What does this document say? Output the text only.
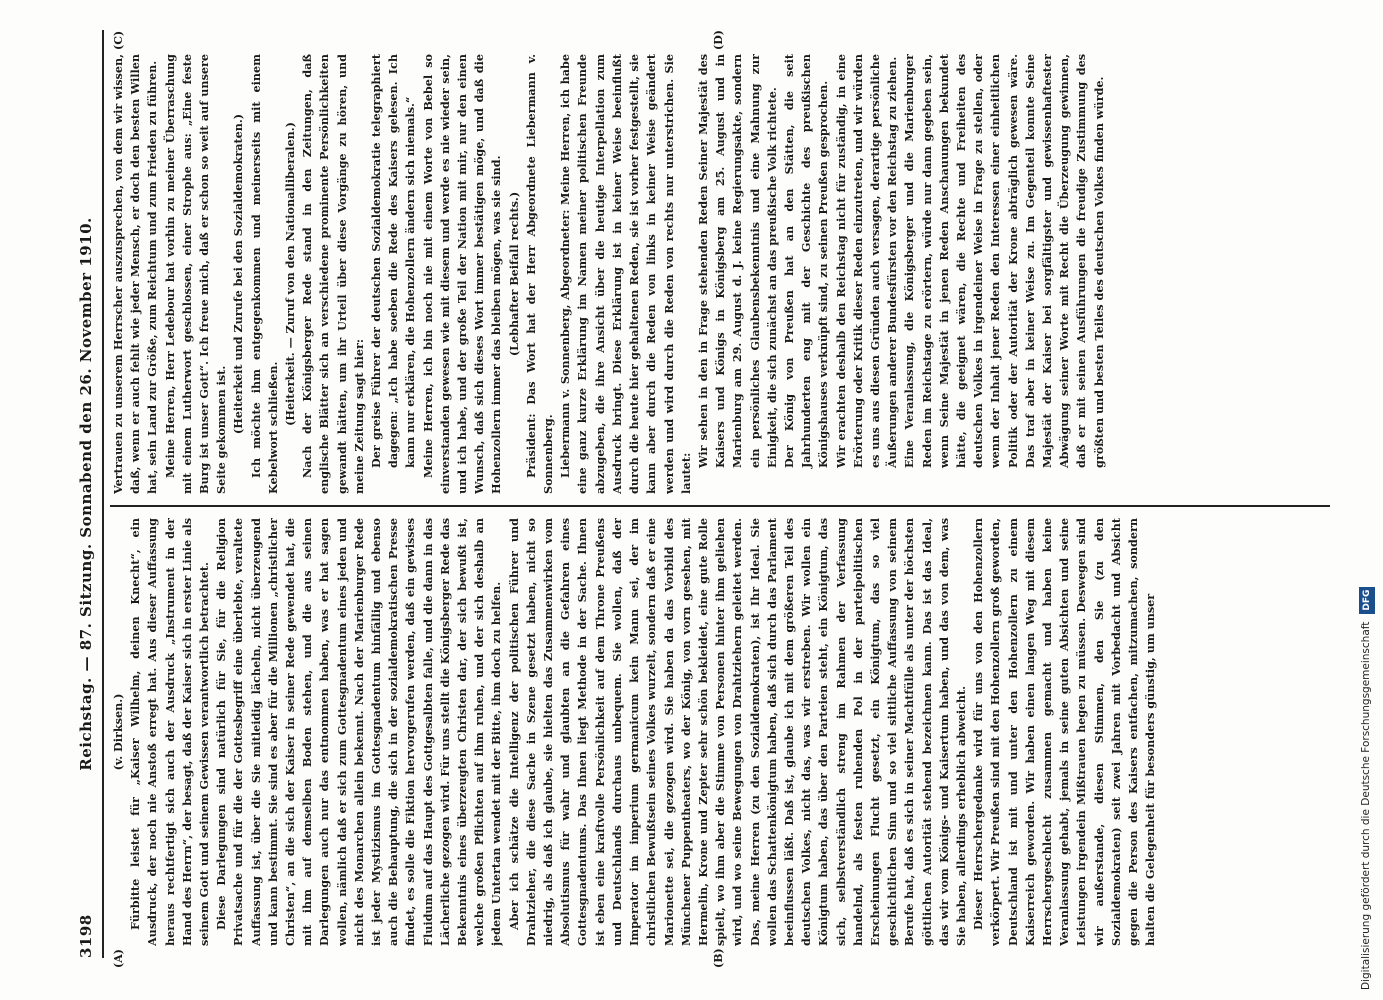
3198
Reichstag. — 87. Sitzung. Sonnabend den 26. November 1910.
(A)	(B)
(C)	(D)

(v. Dirksen.) Fürbitte leistet für „Kaiser Wilhelm, deinen Knecht“, ein Ausdruck, der noch nie Anstoß erregt hat. Aus dieser Auffassung heraus rechtfertigt sich auch der Ausdruck „Instrument in der Hand des Herrn“, der besagt, daß der Kaiser sich in erster Linie als seinem Gott und seinem Gewissen verantwortlich betrachtet. Diese Darlegungen sind natürlich für Sie, für die Religion Privatsache und für die der Gottesbegriff eine überlebte, veraltete Auffassung ist, über die Sie mitleidig lächeln, nicht überzeugend und kann bestimmt. Sie sind es aber für die Millionen „christlicher Christen“, an die sich der Kaiser in seiner Rede gewendet hat, die mit ihm auf demselben Boden stehen, und die aus seinen Darlegungen auch nur das entnommen haben, was er hat sagen wollen, nämlich daß er sich zum Gottesgnadentum eines jeden und nicht des Monarchen allein bekennt. Nach der Marienburger Rede ist jeder Mystizismus im Gottesgnadentum hinfällig und ebenso auch die Behauptung, die sich in der sozialdemokratischen Presse findet, es solle die Fiktion hervorgerufen werden, daß ein gewisses Fluidum auf das Haupt des Gottgesalbten falle, und die dann in das Lächerliche gezogen wird. Für uns stellt die Königsberger Rede das Bekenntnis eines überzeugten Christen dar, der sich bewußt ist, welche großen Pflichten auf ihm ruhen, und der sich deshalb an jedem Untertan wendet mit der Bitte, ihm doch zu helfen. Aber ich schätze die Intelligenz der politischen Führer und Drahtzieher, die diese Sache in Szene gesetzt haben, nicht so niedrig, als daß ich glaube, sie hielten das Zusammenwirken vom Absolutismus für wahr und glaubten an die Gefahren eines Gottesgnadentums. Das Ihnen liegt Methode in der Sache. Ihnen ist eben eine kraftvolle Persönlichkeit auf dem Throne Preußens und Deutschlands durchaus unbequem. Sie wollen, daß der Imperator im imperium germanicum kein Mann sei, der im christlichen Bewußtsein seines Volkes wurzelt, sondern daß er eine Marionette sei, die gezogen wird. Sie haben da das Vorbild des Münchener Puppentheaters, wo der König, von vorn gesehen, mit Hermelin, Krone und Zepter sehr schön bekleidet, eine gute Rolle spielt, wo ihm aber die Stimme von Personen hinter ihm geliehen wird, und wo seine Bewegungen von Drahtziehern geleitet werden. Das, meine Herren (zu den Sozialdemokraten), ist Ihr Ideal. Sie wollen das Schattenkönigtum haben, daß sich durch das Parlament beeinflussen läßt. Daß ist, glaube ich mit dem größeren Teil des deutschen Volkes, nicht das, was wir erstreben. Wir wollen ein Königtum haben, das über den Parteien steht, ein Königtum, das sich, selbstverständlich streng im Rahmen der Verfassung handelnd, als festen ruhenden Pol in der parteipolitischen Erscheinungen Flucht gesetzt, ein Königtum, das so viel geschichtlichen Sinn und so viel sittliche Auffassung von seinem Berufe hat, daß es sich in seiner Machtfülle als unter der höchsten göttlichen Autorität stehend bezeichnen kann. Das ist das Ideal, das wir vom Königs- und Kaisertum haben, und das von dem, was Sie haben, allerdings erheblich abweicht. Dieser Herrschergedanke wird für uns von den Hohenzollern verkörpert. Wir Preußen sind mit den Hohenzollern groß geworden, Deutschland ist mit und unter den Hohenzollern zu einem Kaiserreich geworden. Wir haben einen langen Weg mit diesem Herrschergeschlecht zusammen gemacht und haben keine Veranlassung gehabt, jemals in seine guten Absichten und seine Leistungen irgendein Mißtrauen hegen zu müssen. Deswegen sind wir außerstande, diesen Stimmen, den Sie (zu den Sozialdemokraten) seit zwei Jahren mit Vorbedacht und Absicht gegen die Person des Kaisers entfachen, mitzumachen, sondern halten die Gelegenheit für besonders günstig, um unser

Vertrauen zu unserem Herrscher auszusprechen, von dem wir wissen, daß, wenn er auch fehlt wie jeder Mensch, er doch den besten Willen hat, sein Land zur Größe, zum Reichtum und zum Frieden zu führen. Meine Herren, Herr Ledebour hat vorhin zu meiner Überraschung mit einem Lutherwort geschlossen, einer Strophe aus: „Eine feste Burg ist unser Gott“. Ich freue mich, daß er schon so weit auf unsere Seite gekommen ist. (Heiterkeit und Zurufe bei den Sozialdemokraten.) Ich möchte ihm entgegenkommen und meinerseits mit einem Kebelwort schließen.

(Heiterkeit. — Zuruf von den Nationalliberalen.) Nach der Königsberger Rede stand in den Zeitungen, daß englische Blätter sich an verschiedene prominente Persönlichkeiten gewandt hätten, um ihr Urteil über diese Vorgänge zu hören, und meine Zeitung sagt hier: Der greise Führer der deutschen Sozialdemokratie telegraphiert dagegen: „Ich habe soeben die Rede des Kaisers gelesen. Ich kann nur erklären, die Hohenzollern ändern sich niemals.“ Meine Herren, ich bin noch nie mit einem Worte von Bebel so einverstanden gewesen wie mit diesem und werde es nie wieder sein, und ich habe, und der große Teil der Nation mit mir, nur den einen Wunsch, daß sich dieses Wort immer bestätigen möge, und daß die Hohenzollern immer das bleiben mögen, was sie sind. (Lebhafter Beifall rechts.) Präsident: Das Wort hat der Herr Abgeordnete Liebermann v. Sonnenberg. Liebermann v. Sonnenberg, Abgeordneter: Meine Herren, ich habe eine ganz kurze Erklärung im Namen meiner politischen Freunde abzugeben, die ihre Ansicht über die heutige Interpellation zum Ausdruck bringt. Diese Erklärung ist in keiner Weise beeinflußt durch die heute hier gehaltenen Reden, sie ist vorher festgestellt, sie kann aber durch die Reden von links in keiner Weise geändert werden und wird durch die Reden von rechts nur unterstrichen. Sie lautet:

Wir sehen in den in Frage stehenden Reden Seiner Majestät des Kaisers und Königs in Königsberg am 25. August und in Marienburg am 29. August d. J. keine Regierungsakte, sondern ein persönliches Glaubensbekenntnis und eine Mahnung zur Einigkeit, die sich zunächst an das preußische Volk richtete. Der König von Preußen hat an den Stätten, die seit Jahrhunderten eng mit der Geschichte des preußischen Königshauses verknüpft sind, zu seinen Preußen gesprochen. Wir erachten deshalb den Reichstag nicht für zuständig, in eine Erörterung oder Kritik dieser Reden einzutreten, und wir würden es uns aus diesen Gründen auch versagen, derartige persönliche Äußerungen anderer Bundesfürsten vor den Reichstag zu ziehen. Eine Veranlassung, die Königsberger und die Marienburger Reden im Reichstage zu erörtern, würde nur dann gegeben sein, wenn Seine Majestät in jenen Reden Anschauungen bekundet hätte, die geeignet wären, die Rechte und Freiheiten des deutschen Volkes in irgendeiner Weise in Frage zu stellen, oder wenn der Inhalt jener Reden den Interessen einer einheitlichen Politik oder der Autorität der Krone abträglich gewesen wäre. Das traf aber in keiner Weise zu. Im Gegenteil konnte Seine Majestät der Kaiser bei sorgfältigster und gewissenhaftester Abwägung seiner Worte mit Recht die Überzeugung gewinnen, daß er mit seinen Ausführungen die freudige Zustimmung des größten und besten Teiles des deutschen Volkes finden würde.

Digitalisierung gefördert durch die Deutsche ForschungsgemeinschaftDFG
